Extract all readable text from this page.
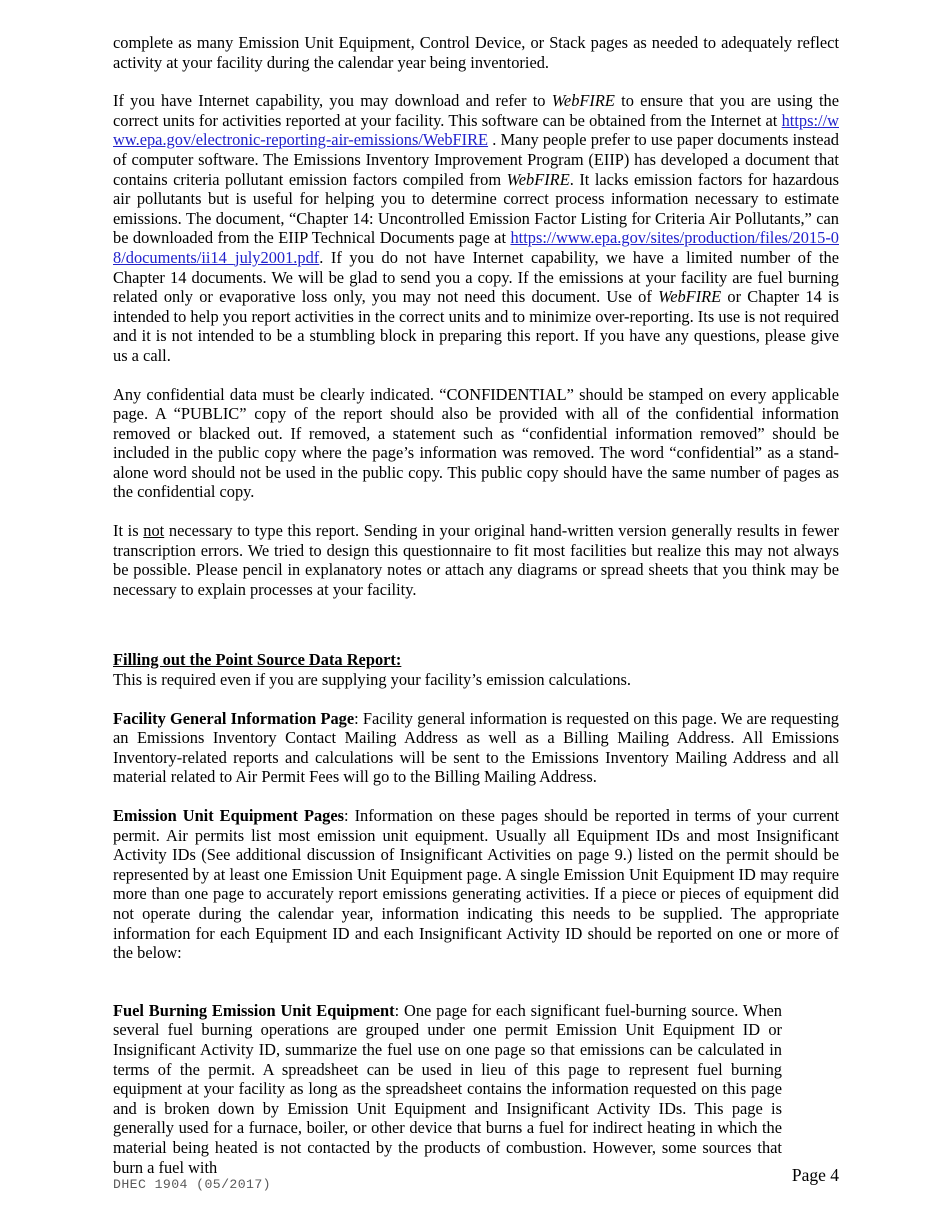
complete as many Emission Unit Equipment, Control Device, or Stack pages as needed to adequately reflect activity at your facility during the calendar year being inventoried.

If you have Internet capability, you may download and refer to WebFIRE to ensure that you are using the correct units for activities reported at your facility. This software can be obtained from the Internet at https://www.epa.gov/electronic-reporting-air-emissions/WebFIRE . Many people prefer to use paper documents instead of computer software. The Emissions Inventory Improvement Program (EIIP) has developed a document that contains criteria pollutant emission factors compiled from WebFIRE. It lacks emission factors for hazardous air pollutants but is useful for helping you to determine correct process information necessary to estimate emissions. The document, “Chapter 14: Uncontrolled Emission Factor Listing for Criteria Air Pollutants,” can be downloaded from the EIIP Technical Documents page at https://www.epa.gov/sites/production/files/2015-08/documents/ii14_july2001.pdf. If you do not have Internet capability, we have a limited number of the Chapter 14 documents. We will be glad to send you a copy. If the emissions at your facility are fuel burning related only or evaporative loss only, you may not need this document. Use of WebFIRE or Chapter 14 is intended to help you report activities in the correct units and to minimize over-reporting. Its use is not required and it is not intended to be a stumbling block in preparing this report. If you have any questions, please give us a call.

Any confidential data must be clearly indicated. “CONFIDENTIAL” should be stamped on every applicable page. A “PUBLIC” copy of the report should also be provided with all of the confidential information removed or blacked out. If removed, a statement such as “confidential information removed” should be included in the public copy where the page’s information was removed. The word “confidential” as a stand-alone word should not be used in the public copy. This public copy should have the same number of pages as the confidential copy.

It is not necessary to type this report. Sending in your original hand-written version generally results in fewer transcription errors. We tried to design this questionnaire to fit most facilities but realize this may not always be possible. Please pencil in explanatory notes or attach any diagrams or spread sheets that you think may be necessary to explain processes at your facility.

Filling out the Point Source Data Report:

This is required even if you are supplying your facility’s emission calculations.

Facility General Information Page: Facility general information is requested on this page. We are requesting an Emissions Inventory Contact Mailing Address as well as a Billing Mailing Address. All Emissions Inventory-related reports and calculations will be sent to the Emissions Inventory Mailing Address and all material related to Air Permit Fees will go to the Billing Mailing Address.

Emission Unit Equipment Pages: Information on these pages should be reported in terms of your current permit. Air permits list most emission unit equipment. Usually all Equipment IDs and most Insignificant Activity IDs (See additional discussion of Insignificant Activities on page 9.) listed on the permit should be represented by at least one Emission Unit Equipment page. A single Emission Unit Equipment ID may require more than one page to accurately report emissions generating activities. If a piece or pieces of equipment did not operate during the calendar year, information indicating this needs to be supplied. The appropriate information for each Equipment ID and each Insignificant Activity ID should be reported on one or more of the below:

Fuel Burning Emission Unit Equipment: One page for each significant fuel-burning source. When several fuel burning operations are grouped under one permit Emission Unit Equipment ID or Insignificant Activity ID, summarize the fuel use on one page so that emissions can be calculated in terms of the permit. A spreadsheet can be used in lieu of this page to represent fuel burning equipment at your facility as long as the spreadsheet contains the information requested on this page and is broken down by Emission Unit Equipment and Insignificant Activity IDs. This page is generally used for a furnace, boiler, or other device that burns a fuel for indirect heating in which the material being heated is not contacted by the products of combustion. However, some sources that burn a fuel with

DHEC 1904 (05/2017)	Page 4
